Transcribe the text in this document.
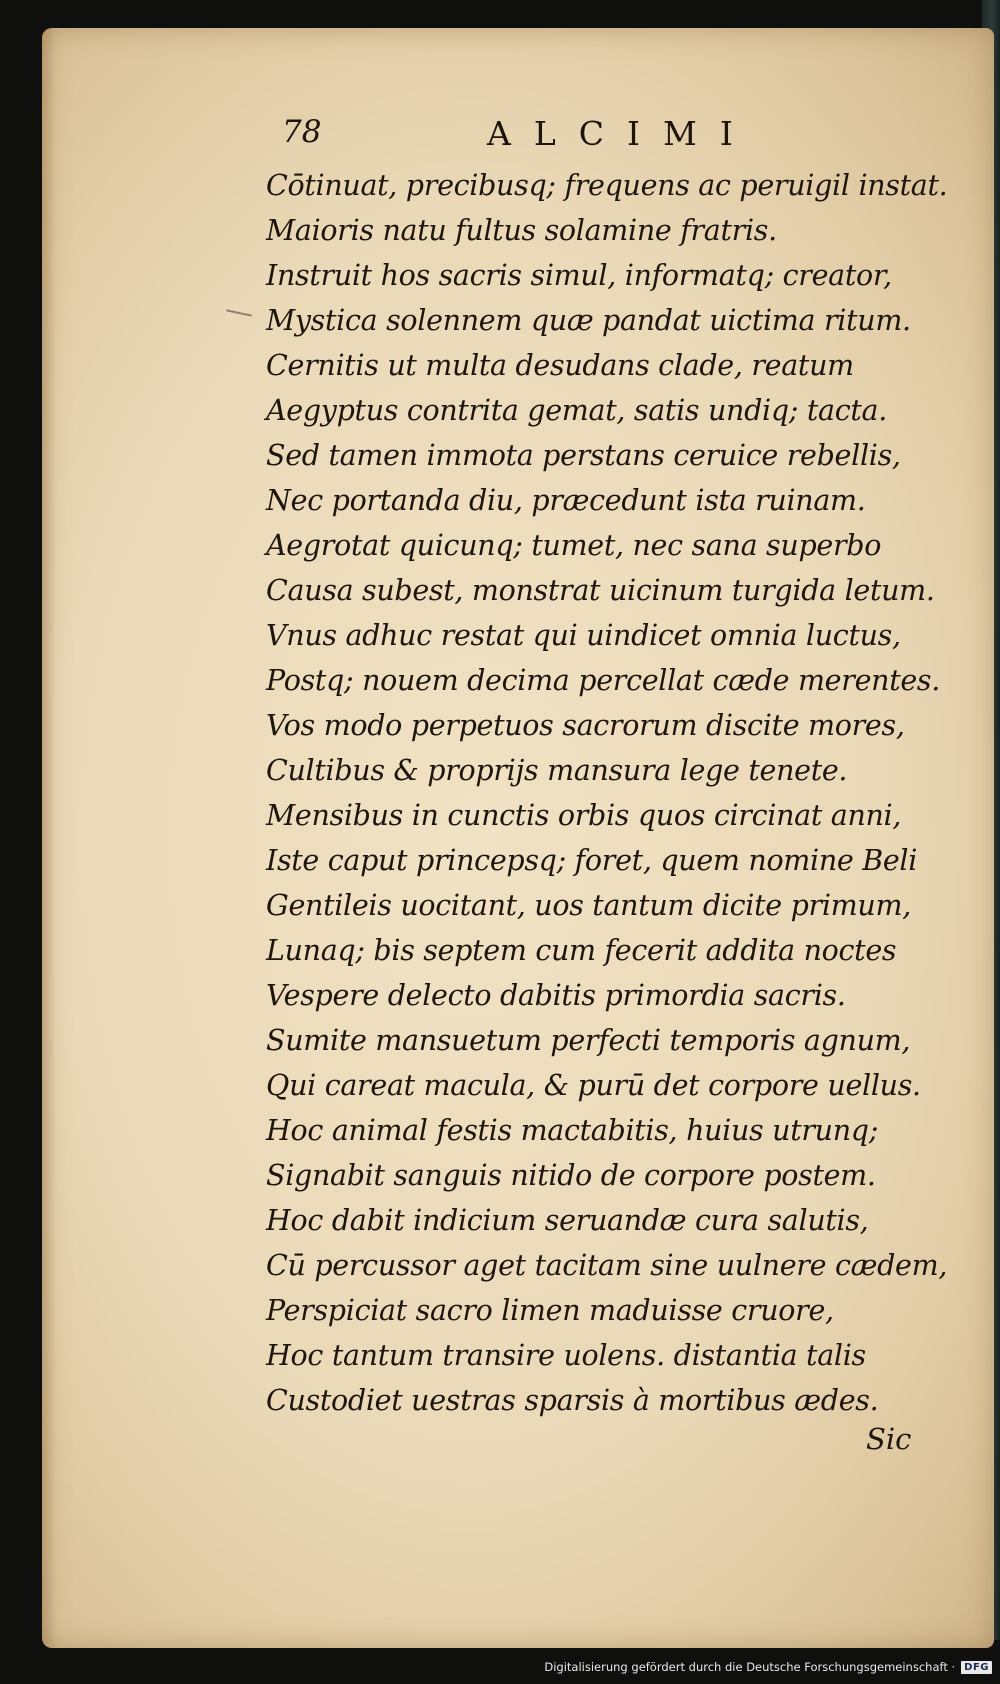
78	ALCIMI
Cōtinuat, precibusq; frequens ac peruigil instat.
Maioris natu fultus solamine fratris.
Instruit hos sacris simul, informatq; creator,
Mystica solennem quæ pandat uictima ritum.
Cernitis ut multa desudans clade, reatum
Aegyptus contrita gemat, satis undiq; tacta.
Sed tamen immota perstans ceruice rebellis,
Nec portanda diu, præcedunt ista ruinam.
Aegrotat quicunq; tumet, nec sana superbo
Causa subest, monstrat uicinum turgida letum.
Vnus adhuc restat qui uindicet omnia luctus,
Postq; nouem decima percellat cæde merentes.
Vos modo perpetuos sacrorum discite mores,
Cultibus & proprijs mansura lege tenete.
Mensibus in cunctis orbis quos circinat anni,
Iste caput princepsq; foret, quem nomine Beli
Gentileis uocitant, uos tantum dicite primum,
Lunaq; bis septem cum fecerit addita noctes
Vespere delecto dabitis primordia sacris.
Sumite mansuetum perfecti temporis agnum,
Qui careat macula, & purū det corpore uellus.
Hoc animal festis mactabitis, huius utrunq;
Signabit sanguis nitido de corpore postem.
Hoc dabit indicium seruandæ cura salutis,
Cū percussor aget tacitam sine uulnere cædem,
Perspiciat sacro limen maduisse cruore,
Hoc tantum transire uolens. distantia talis
Custodiet uestras sparsis à mortibus ædes.
Sic
Digitalisierung gefördert durch die Deutsche Forschungsgemeinschaft · DFG
